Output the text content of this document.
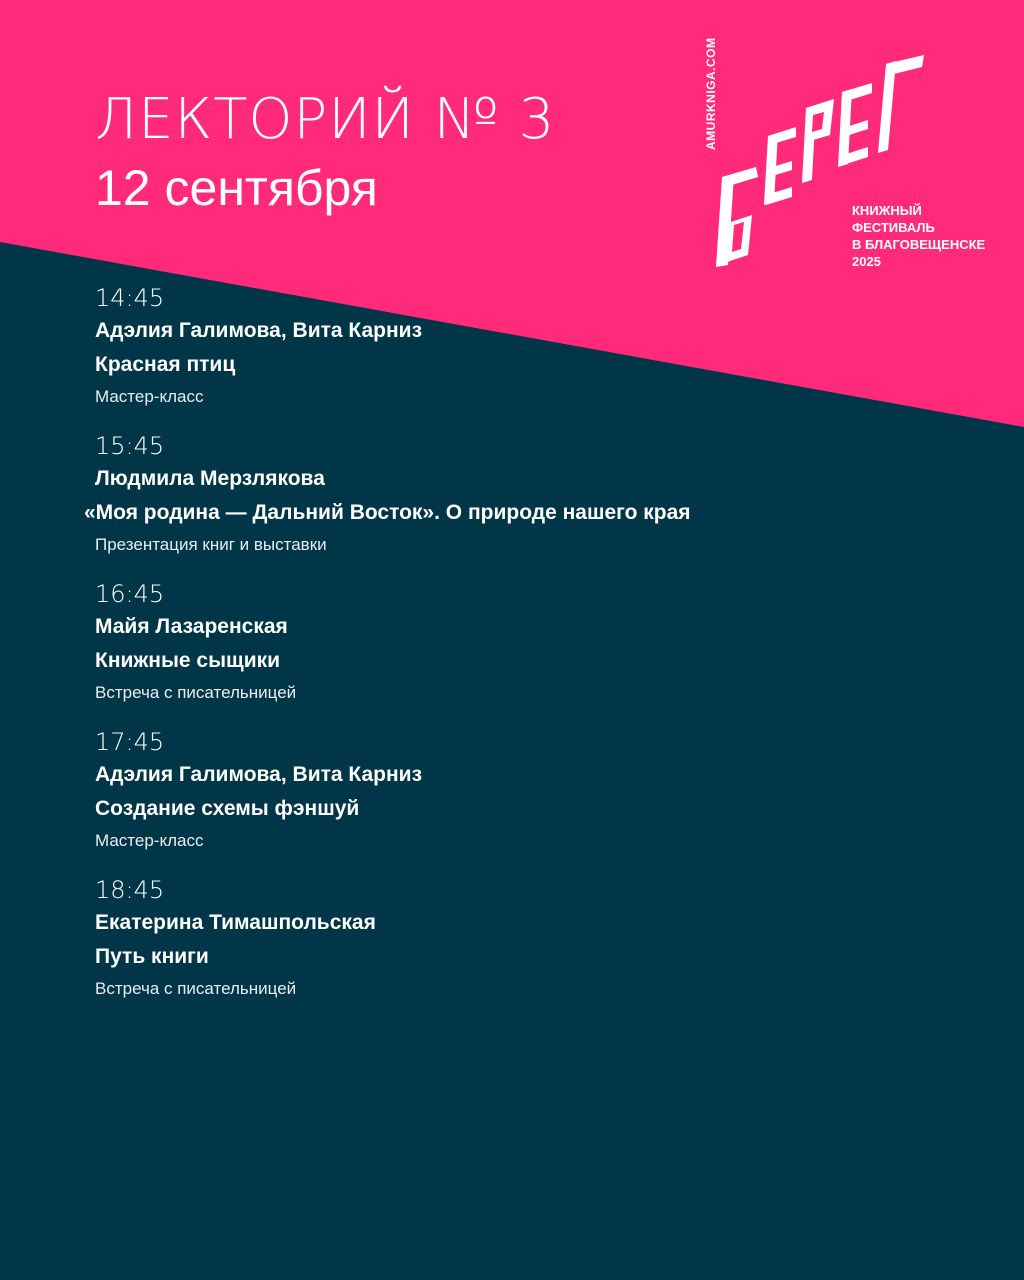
ЛЕКТОРИЙ № 3
12 сентября
AMURKNIGA.COM
КНИЖНЫЙ
ФЕСТИВАЛЬ
В БЛАГОВЕЩЕНСКЕ
2025
14:45
Адэлия Галимова, Вита Карниз
Красная птиц
Мастер-класс
15:45
Людмила Мерзлякова
«Моя родина — Дальний Восток». О природе нашего края
Презентация книг и выставки
16:45
Майя Лазаренская
Книжные сыщики
Встреча с писательницей
17:45
Адэлия Галимова, Вита Карниз
Создание схемы фэншуй
Мастер-класс
18:45
Екатерина Тимашпольская
Путь книги
Встреча с писательницей
